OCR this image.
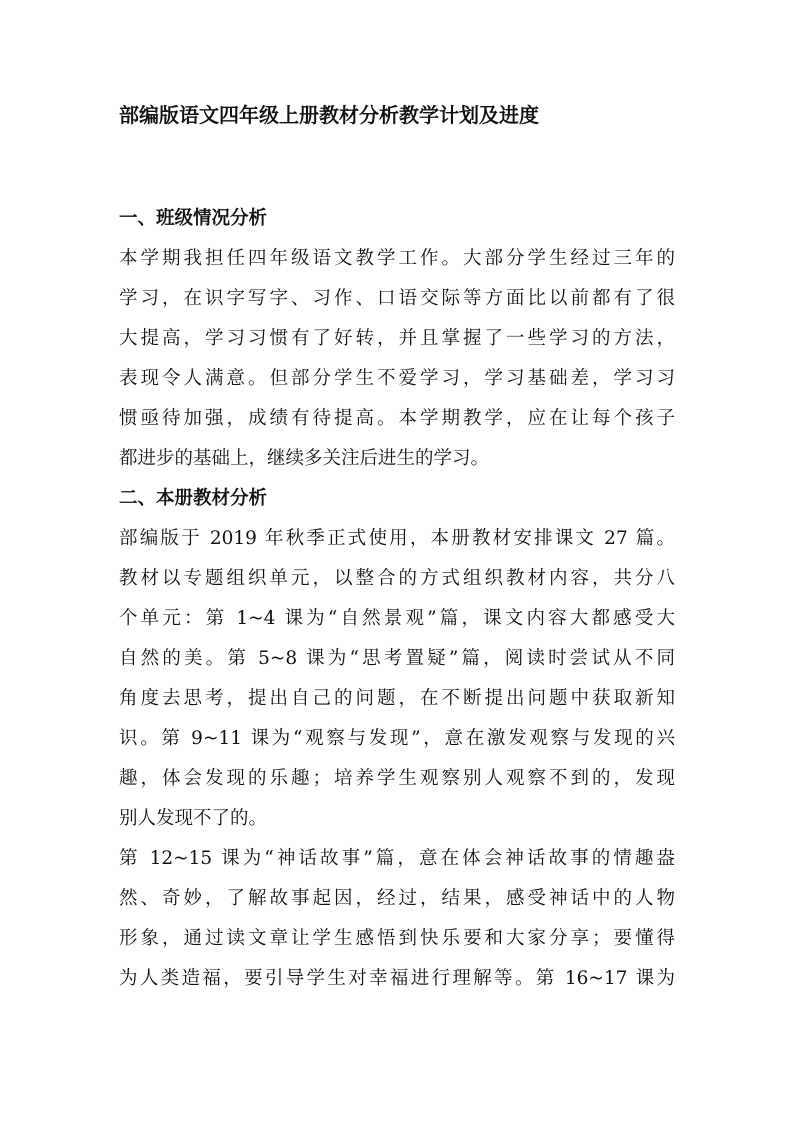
部编版语文四年级上册教材分析教学计划及进度
一、班级情况分析
本学期我担任四年级语文教学工作。大部分学生经过三年的
学习，在识字写字、习作、口语交际等方面比以前都有了很
大提高，学习习惯有了好转，并且掌握了一些学习的方法，
表现令人满意。但部分学生不爱学习，学习基础差，学习习
惯亟待加强，成绩有待提高。本学期教学，应在让每个孩子
都进步的基础上，继续多关注后进生的学习。
二、本册教材分析
部编版于 2019 年秋季正式使用，本册教材安排课文 27 篇。
教材以专题组织单元，以整合的方式组织教材内容，共分八
个单元：第 1~4 课为“自然景观”篇，课文内容大都感受大
自然的美。第 5~8 课为“思考置疑”篇，阅读时尝试从不同
角度去思考，提出自己的问题，在不断提出问题中获取新知
识。第 9~11 课为“观察与发现”，意在激发观察与发现的兴
趣，体会发现的乐趣；培养学生观察别人观察不到的，发现
别人发现不了的。
第 12~15 课为“神话故事”篇，意在体会神话故事的情趣盎
然、奇妙，了解故事起因，经过，结果，感受神话中的人物
形象，通过读文章让学生感悟到快乐要和大家分享；要懂得
为人类造福，要引导学生对幸福进行理解等。第 16~17 课为
